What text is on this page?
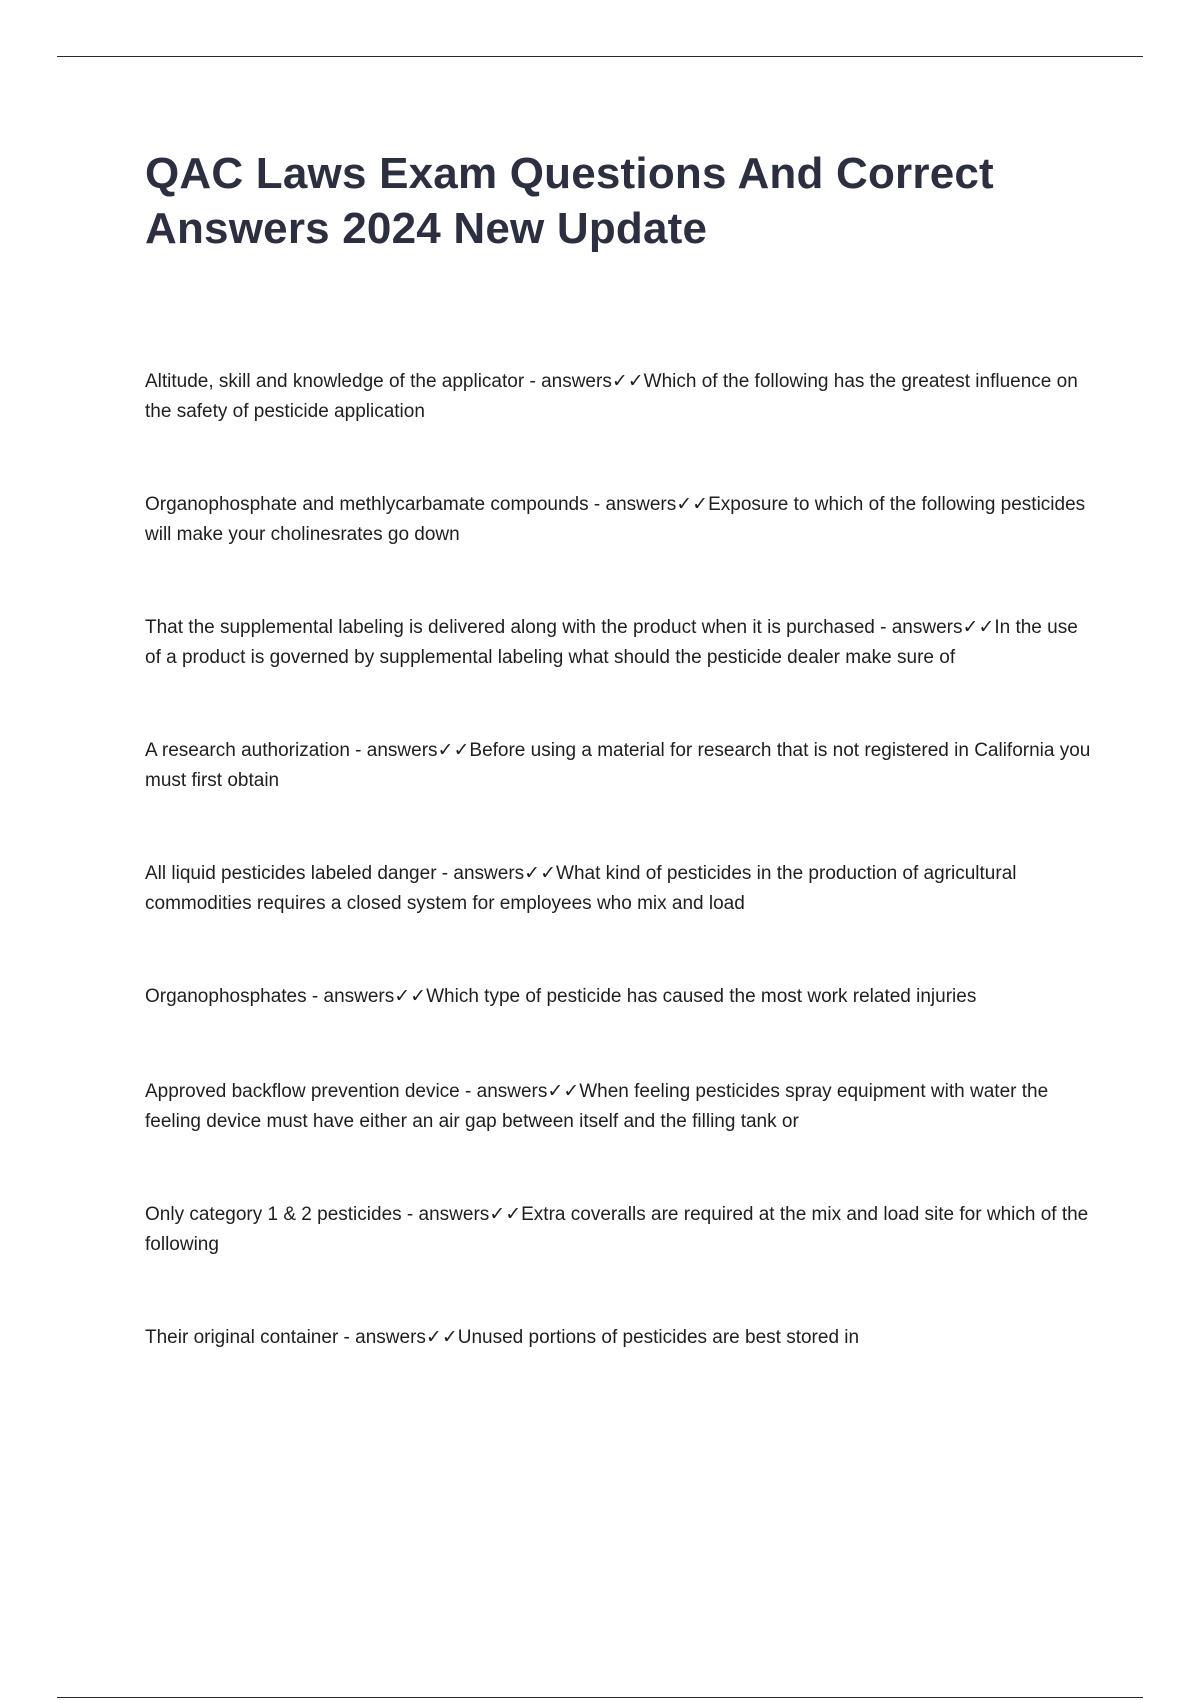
QAC Laws Exam Questions And Correct Answers 2024 New Update

Altitude, skill and knowledge of the applicator - answers✓✓Which of the following has the greatest influence on the safety of pesticide application

Organophosphate and methlycarbamate compounds - answers✓✓Exposure to which of the following pesticides will make your cholinesrates go down

That the supplemental labeling is delivered along with the product when it is purchased - answers✓✓In the use of a product is governed by supplemental labeling what should the pesticide dealer make sure of

A research authorization - answers✓✓Before using a material for research that is not registered in California you must first obtain

All liquid pesticides labeled danger - answers✓✓What kind of pesticides in the production of agricultural commodities requires a closed system for employees who mix and load

Organophosphates - answers✓✓Which type of pesticide has caused the most work related injuries

Approved backflow prevention device - answers✓✓When feeling pesticides spray equipment with water the feeling device must have either an air gap between itself and the filling tank or

Only category 1 & 2 pesticides - answers✓✓Extra coveralls are required at the mix and load site for which of the following

Their original container - answers✓✓Unused portions of pesticides are best stored in
